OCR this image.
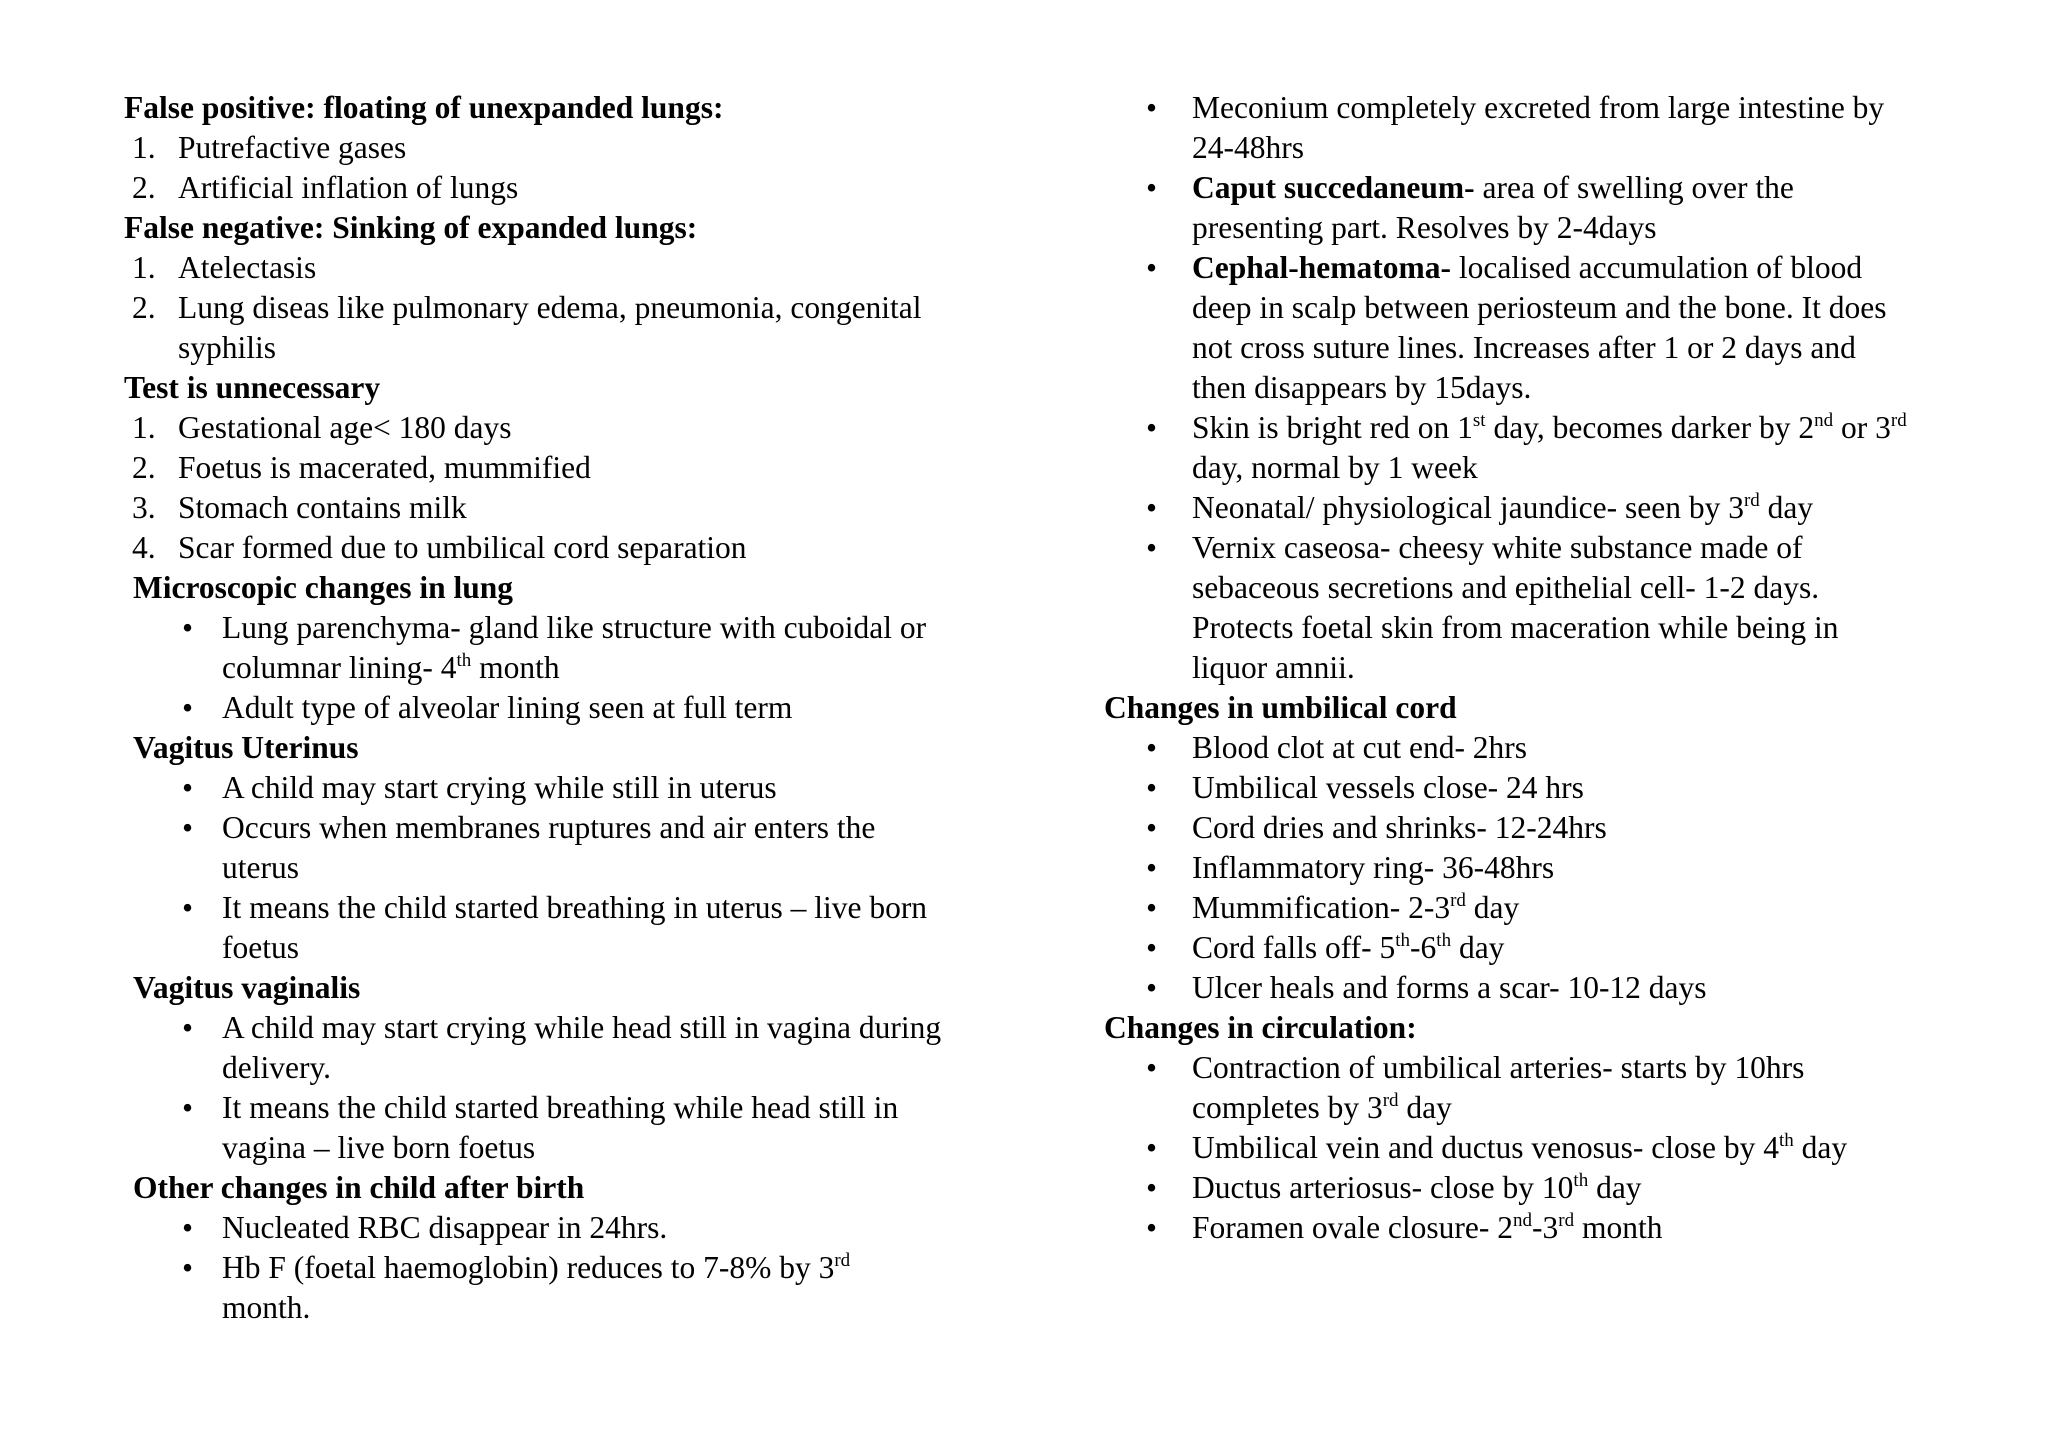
False positive: floating of unexpanded lungs:

1. Putrefactive gases
2. Artificial inflation of lungs

False negative: Sinking of expanded lungs:

1. Atelectasis
2. Lung diseas like pulmonary edema, pneumonia, congenital
syphilis

Test is unnecessary

1. Gestational age< 180 days
2. Foetus is macerated, mummified
3. Stomach contains milk
4. Scar formed due to umbilical cord separation

Microscopic changes in lung

• Lung parenchyma- gland like structure with cuboidal or
columnar lining- 4th month
• Adult type of alveolar lining seen at full term

Vagitus Uterinus

• A child may start crying while still in uterus
• Occurs when membranes ruptures and air enters the
uterus
• It means the child started breathing in uterus – live born
foetus

Vagitus vaginalis

• A child may start crying while head still in vagina during
delivery.
• It means the child started breathing while head still in
vagina – live born foetus

Other changes in child after birth

• Nucleated RBC disappear in 24hrs.
• Hb F (foetal haemoglobin) reduces to 7-8% by 3rd
month.
• Meconium completely excreted from large intestine by
24-48hrs
• Caput succedaneum- area of swelling over the
presenting part. Resolves by 2-4days
• Cephal-hematoma- localised accumulation of blood
deep in scalp between periosteum and the bone. It does
not cross suture lines. Increases after 1 or 2 days and
then disappears by 15days.
• Skin is bright red on 1st day, becomes darker by 2nd or 3rd
day, normal by 1 week
• Neonatal/ physiological jaundice- seen by 3rd day
• Vernix caseosa- cheesy white substance made of
sebaceous secretions and epithelial cell- 1-2 days.
Protects foetal skin from maceration while being in
liquor amnii.

Changes in umbilical cord

• Blood clot at cut end- 2hrs
• Umbilical vessels close- 24 hrs
• Cord dries and shrinks- 12-24hrs
• Inflammatory ring- 36-48hrs
• Mummification- 2-3rd day
• Cord falls off- 5th-6th day
• Ulcer heals and forms a scar- 10-12 days

Changes in circulation:

• Contraction of umbilical arteries- starts by 10hrs
completes by 3rd day
• Umbilical vein and ductus venosus- close by 4th day
• Ductus arteriosus- close by 10th day
• Foramen ovale closure- 2nd-3rd month
